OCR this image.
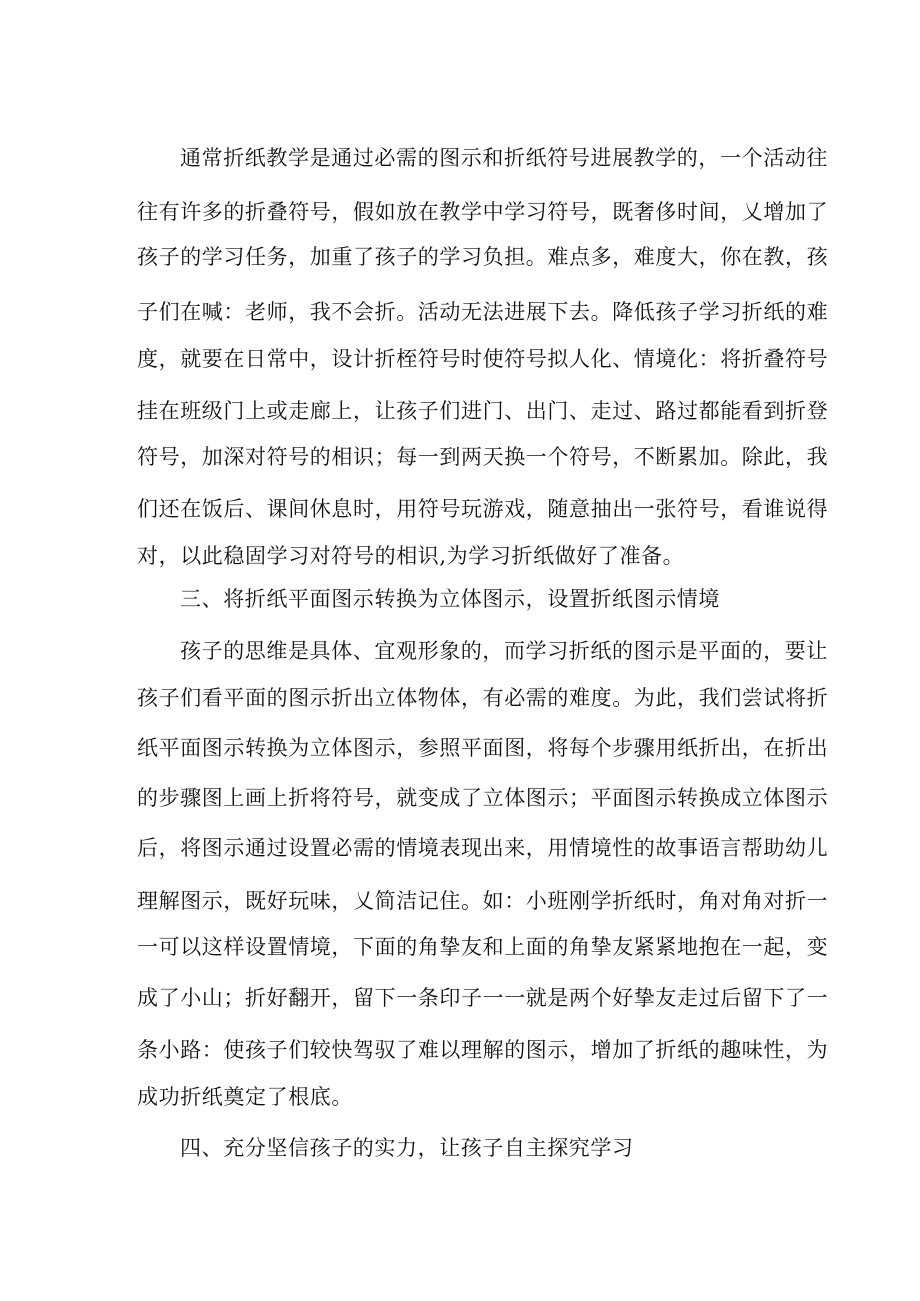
通常折纸教学是通过必需的图示和折纸符号进展教学的，一个活动往
往有许多的折叠符号，假如放在教学中学习符号，既奢侈时间，乂增加了
孩子的学习任务，加重了孩子的学习负担。难点多，难度大，你在教，孩
子们在喊：老师，我不会折。活动无法进展下去。降低孩子学习折纸的难
度，就要在日常中，设计折桎符号时使符号拟人化、情境化：将折叠符号
挂在班级门上或走廊上，让孩子们进门、出门、走过、路过都能看到折登
符号，加深对符号的相识；每一到两天换一个符号，不断累加。除此，我
们还在饭后、课间休息时，用符号玩游戏，随意抽出一张符号，看谁说得
对，以此稳固学习对符号的相识,为学习折纸做好了准备。
三、将折纸平面图示转换为立体图示，设置折纸图示情境
孩子的思维是具体、宜观形象的，而学习折纸的图示是平面的，要让
孩子们看平面的图示折出立体物体，有必需的难度。为此，我们尝试将折
纸平面图示转换为立体图示，参照平面图，将每个步骤用纸折出，在折出
的步骤图上画上折将符号，就变成了立体图示；平面图示转换成立体图示
后，将图示通过设置必需的情境表现出来，用情境性的故事语言帮助幼儿
理解图示，既好玩味，乂简洁记住。如：小班刚学折纸时，角对角对折一
一可以这样设置情境，下面的角挚友和上面的角挚友紧紧地抱在一起，变
成了小山；折好翻开，留下一条印子一一就是两个好挚友走过后留下了一
条小路：使孩子们较快驾驭了难以理解的图示，增加了折纸的趣味性，为
成功折纸奠定了根底。
四、充分坚信孩子的实力，让孩子自主探究学习
